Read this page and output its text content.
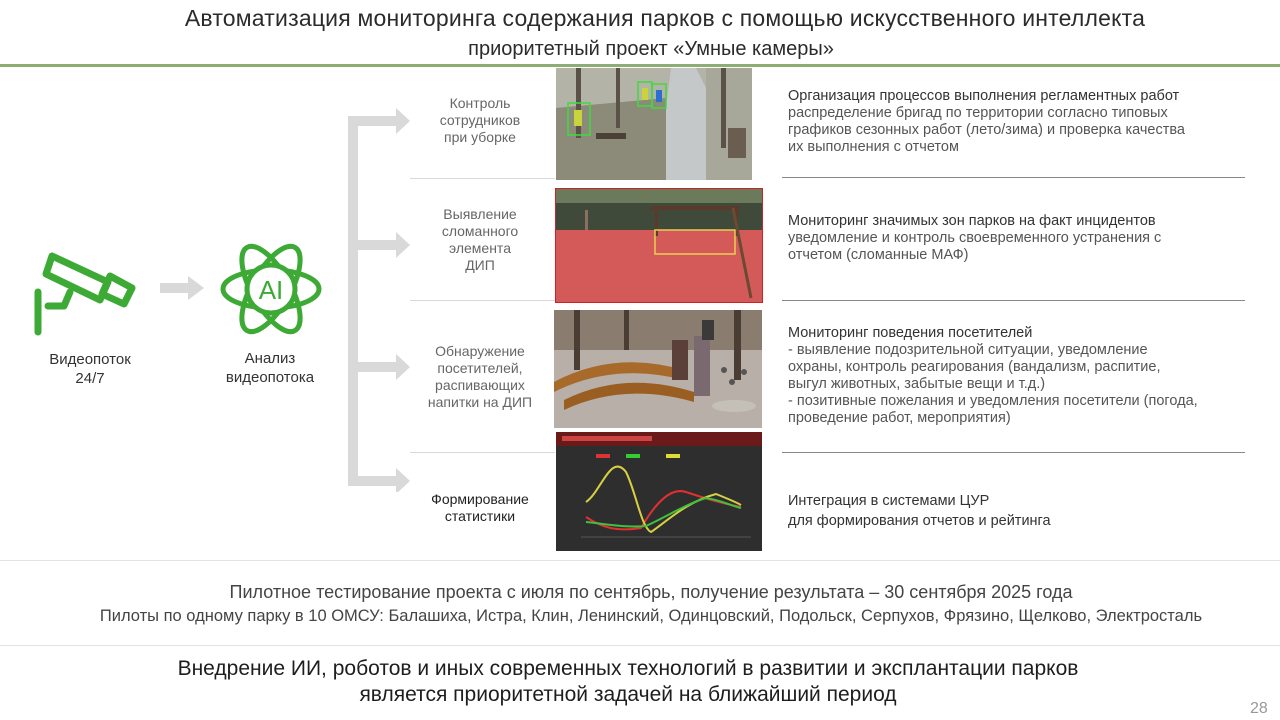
Автоматизация мониторинга содержания парков с помощью искусственного интеллекта
приоритетный проект «Умные камеры»
AI
Видеопоток
24/7
Анализ
видеопотока
Контроль
сотрудников
при уборке
Выявление
сломанного
элемента
ДИП
Обнаружение
посетителей,
распивающих
напитки на ДИП
Формирование
статистики
Организация процессов выполнения регламентных работ
распределение бригад по территории согласно типовых
графиков сезонных работ (лето/зима) и проверка качества
их выполнения с отчетом
Мониторинг значимых зон парков на факт инцидентов
уведомление и контроль своевременного устранения с
отчетом (сломанные МАФ)
Мониторинг поведения посетителей
- выявление подозрительной ситуации, уведомление
охраны, контроль реагирования (вандализм, распитие,
выгул животных, забытые вещи и т.д.)
- позитивные пожелания и уведомления посетители (погода,
проведение работ, мероприятия)
Интеграция в системами ЦУР
для формирования отчетов и рейтинга
Пилотное тестирование проекта с июля по сентябрь, получение результата – 30 сентября 2025 года
Пилоты по одному парку в 10 ОМСУ: Балашиха, Истра, Клин, Ленинский, Одинцовский, Подольск, Серпухов, Фрязино, Щелково, Электросталь
Внедрение ИИ, роботов и иных современных технологий в развитии и эксплантации парков
является приоритетной задачей на ближайший период
28
